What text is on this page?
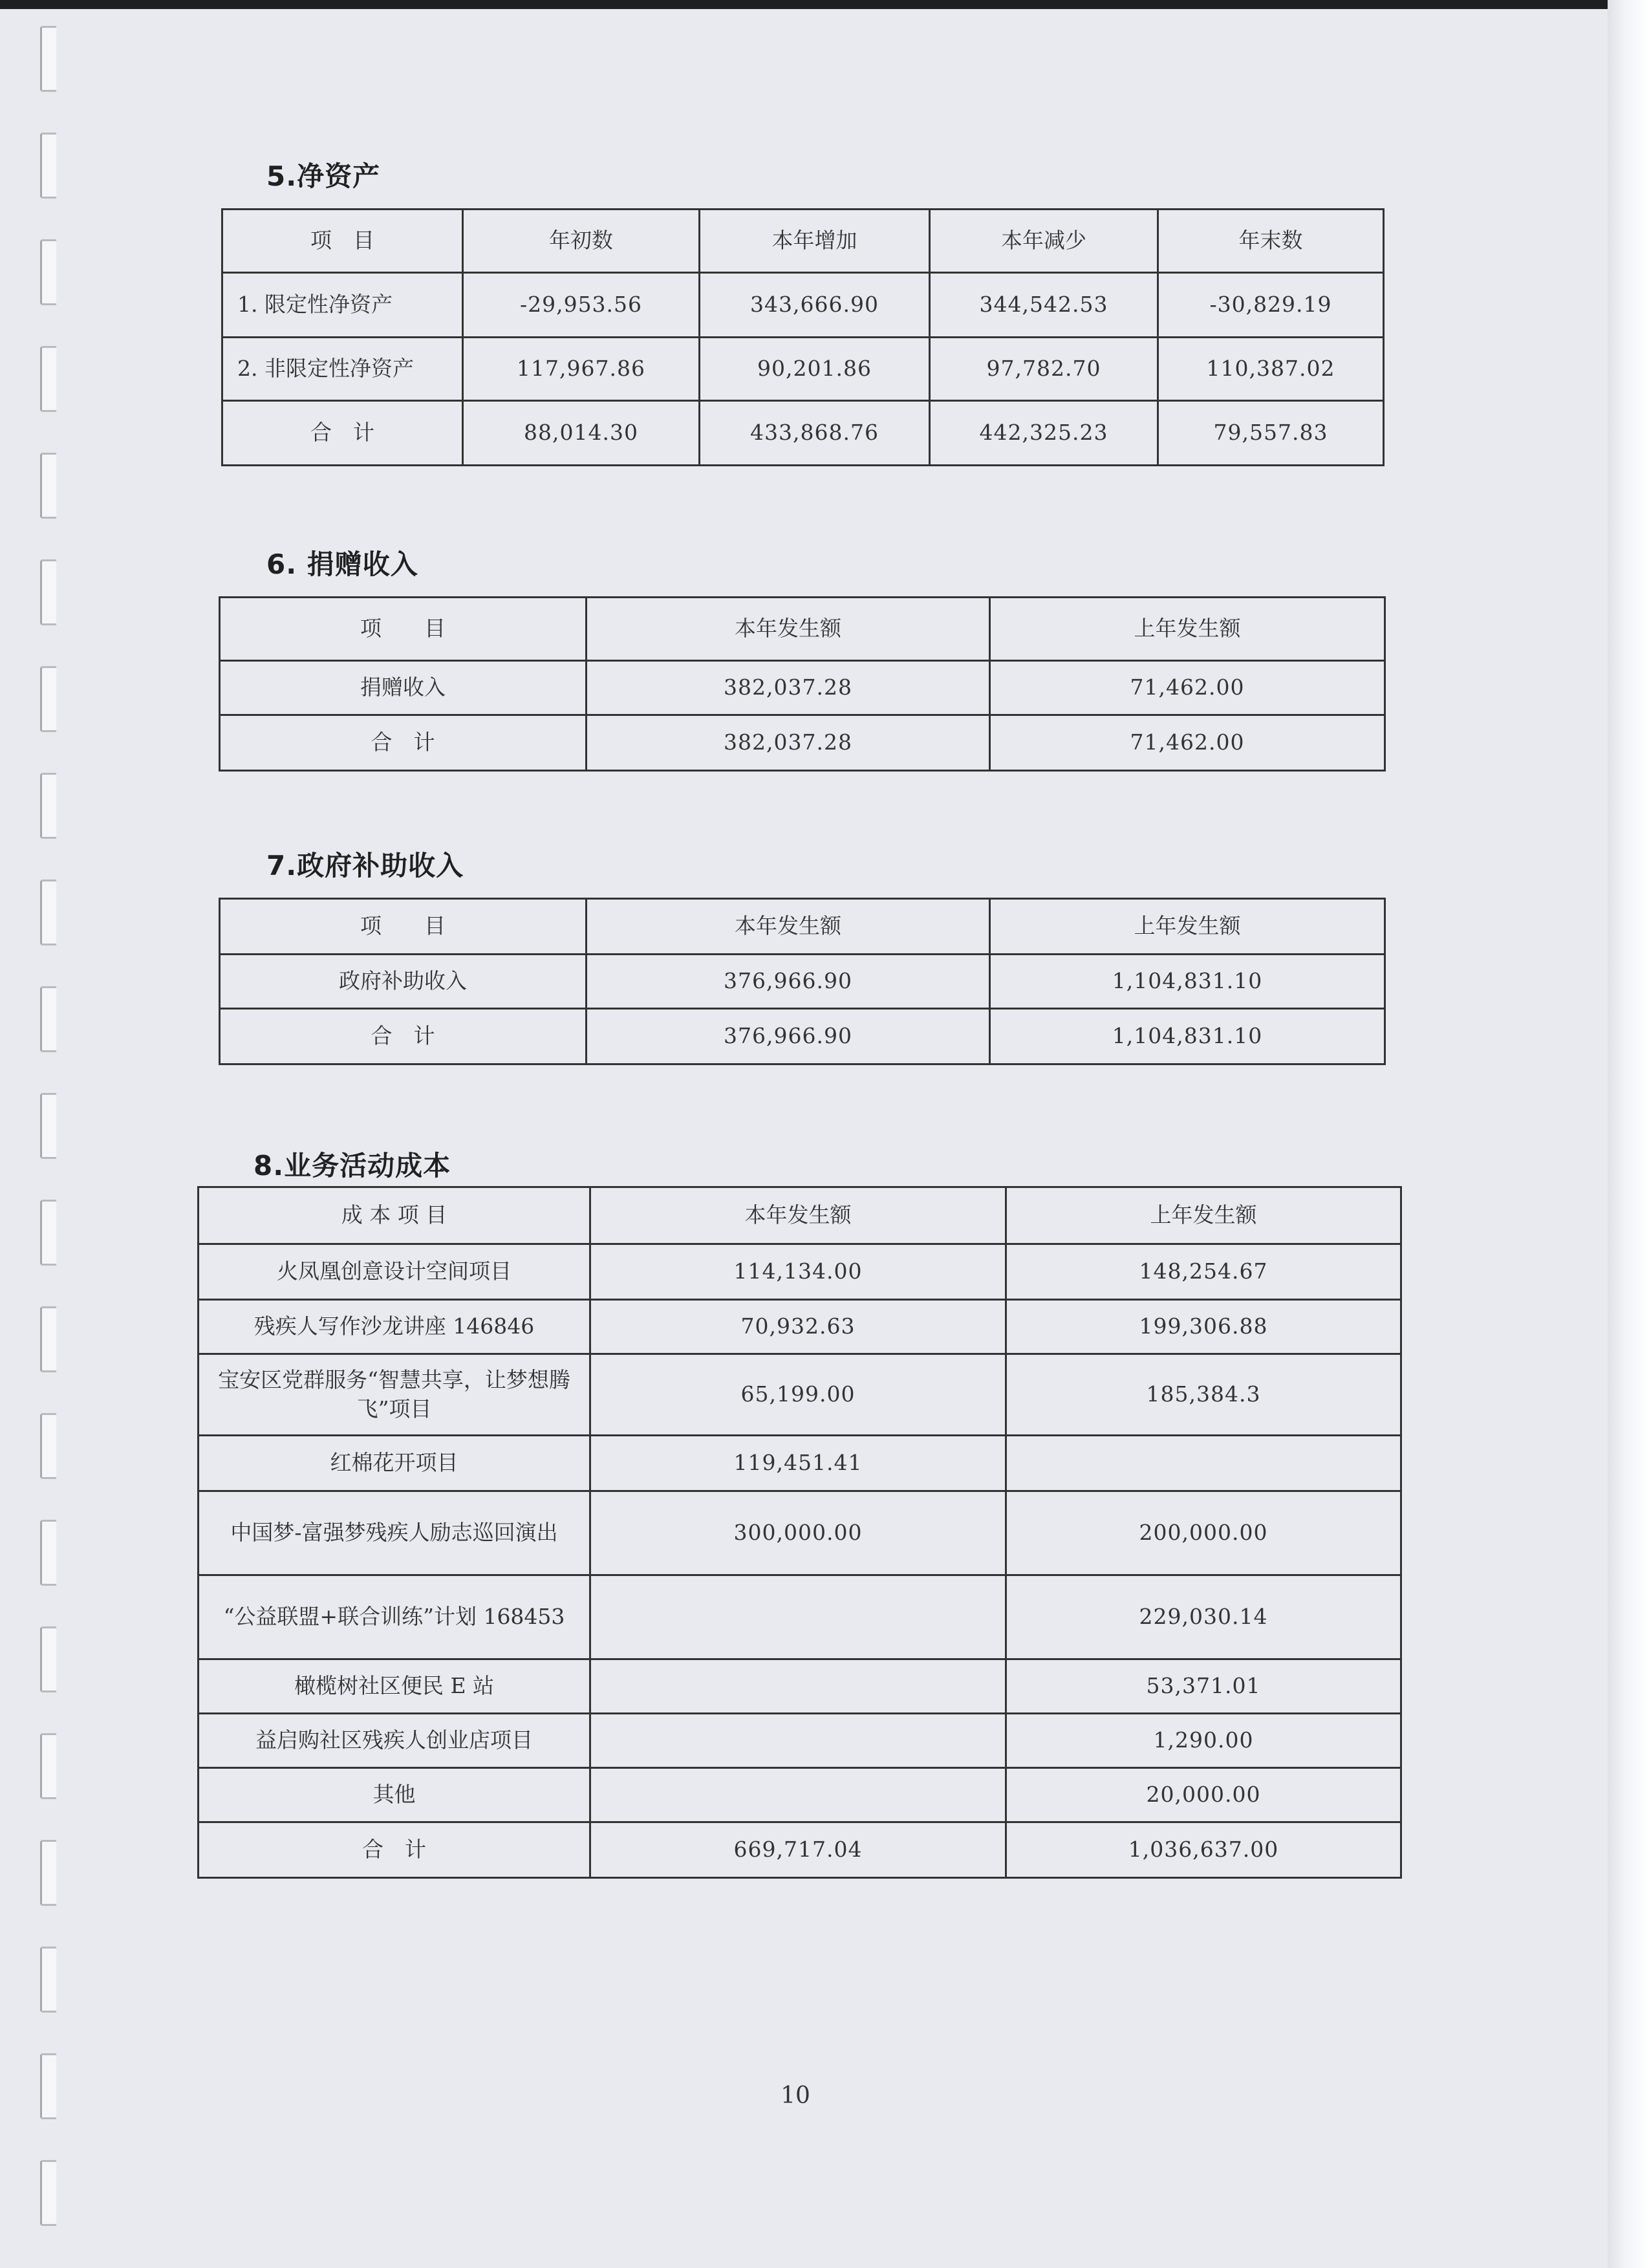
5.净资产
项　目	年初数	本年增加	本年减少	年末数
1. 限定性净资产	-29,953.56	343,666.90	344,542.53	-30,829.19
2. 非限定性净资产	117,967.86	90,201.86	97,782.70	110,387.02
合　计	88,014.30	433,868.76	442,325.23	79,557.83
6. 捐赠收入
项　　目	本年发生额	上年发生额
捐赠收入	382,037.28	71,462.00
合　计	382,037.28	71,462.00
7.政府补助收入
项　　目	本年发生额	上年发生额
政府补助收入	376,966.90	1,104,831.10
合　计	376,966.90	1,104,831.10
8.业务活动成本
成 本 项 目	本年发生额	上年发生额
火凤凰创意设计空间项目	114,134.00	148,254.67
残疾人写作沙龙讲座 146846	70,932.63	199,306.88
宝安区党群服务“智慧共享，让梦想腾飞”项目	65,199.00	185,384.3
红棉花开项目	119,451.41	
中国梦-富强梦残疾人励志巡回演出	300,000.00	200,000.00
“公益联盟+联合训练”计划 168453		229,030.14
橄榄树社区便民 E 站		53,371.01
益启购社区残疾人创业店项目		1,290.00
其他		20,000.00
合　计	669,717.04	1,036,637.00
10
